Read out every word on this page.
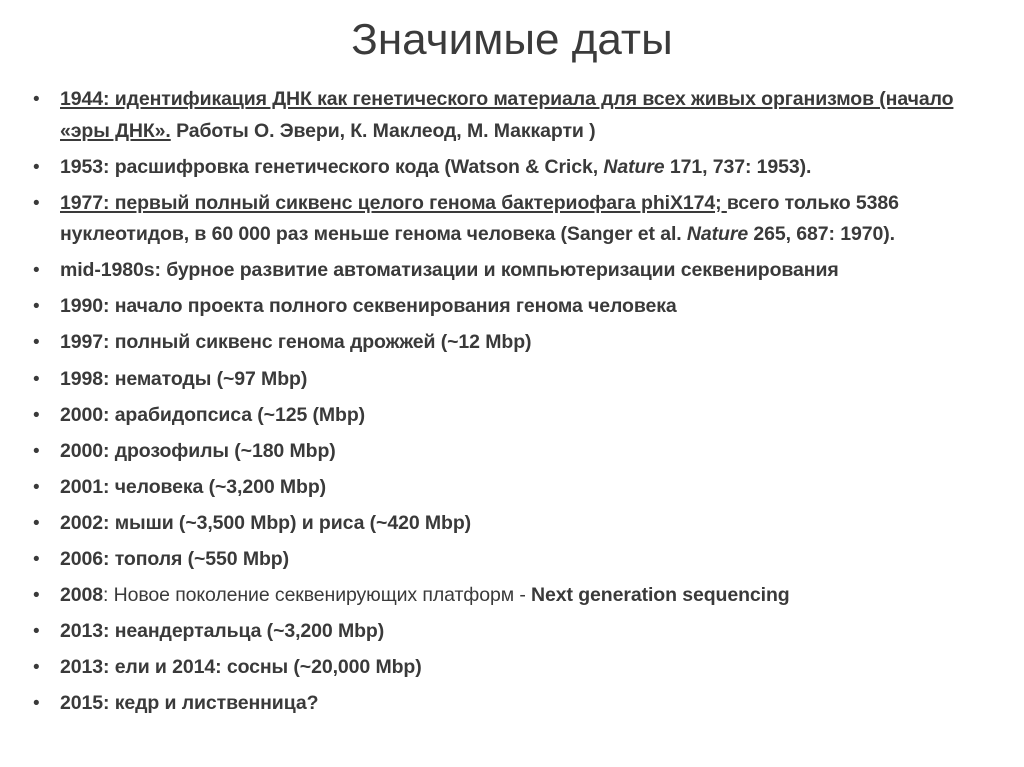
Значимые даты
• 1944: идентификация ДНК как генетического материала для всех живых организмов (начало «эры ДНК». Работы О. Эвери, К. Маклеод, М. Маккарти )
• 1953: расшифровка генетического кода (Watson & Crick, Nature 171, 737: 1953).
• 1977: первый полный сиквенс целого генома бактериофага phiX174; всего только 5386 нуклеотидов, в 60 000 раз меньше генома человека (Sanger et al. Nature 265, 687: 1970).
• mid-1980s: бурное развитие автоматизации и компьютеризации секвенирования
• 1990: начало проекта полного секвенирования генома человека
• 1997: полный сиквенс генома дрожжей (~12 Mbp)
• 1998: нематоды (~97 Mbp)
• 2000: арабидопсиса (~125 (Mbp)
• 2000: дрозофилы (~180 Mbp)
• 2001: человека (~3,200 Mbp)
• 2002: мыши (~3,500 Mbp) и риса (~420 Mbp)
• 2006: тополя (~550 Mbp)
• 2008: Новое поколение секвенирующих платформ - Next generation sequencing
• 2013: неандертальца (~3,200 Mbp)
• 2013: ели и 2014: сосны (~20,000 Mbp)
• 2015: кедр и лиственница?
